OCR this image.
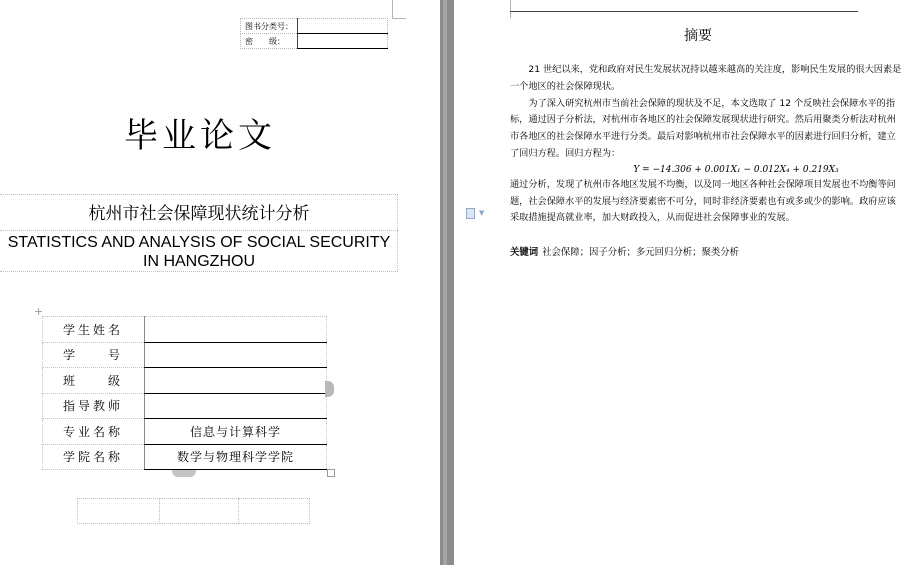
图书分类号：	
密　　级：	
毕业论文
杭州市社会保障现状统计分析
STATISTICS AND ANALYSIS OF SOCIAL SECURITY IN HANGZHOU
+
学生姓名	
学　　号	
班　　级	
指导教师	
专业名称	信息与计算科学
学院名称	数学与物理科学学院

▼
摘要

21 世纪以来，党和政府对民生发展状况持以越来越高的关注度，影响民生发展的很大因素是一个地区的社会保障现状。

为了深入研究杭州市当前社会保障的现状及不足，本文选取了 12 个反映社会保障水平的指标，通过因子分析法，对杭州市各地区的社会保障发展现状进行研究。然后用聚类分析法对杭州市各地区的社会保障水平进行分类。最后对影响杭州市社会保障水平的因素进行回归分析，建立了回归方程。回归方程为：

Y = −14.306 + 0.001X₁ − 0.012X₄ + 0.219X₃

通过分析，发现了杭州市各地区发展不均衡，以及同一地区各种社会保障项目发展也不均衡等问题，社会保障水平的发展与经济要素密不可分，同时非经济要素也有或多或少的影响。政府应该采取措施提高就业率，加大财政投入，从而促进社会保障事业的发展。

关键词 社会保障；因子分析；多元回归分析；聚类分析
